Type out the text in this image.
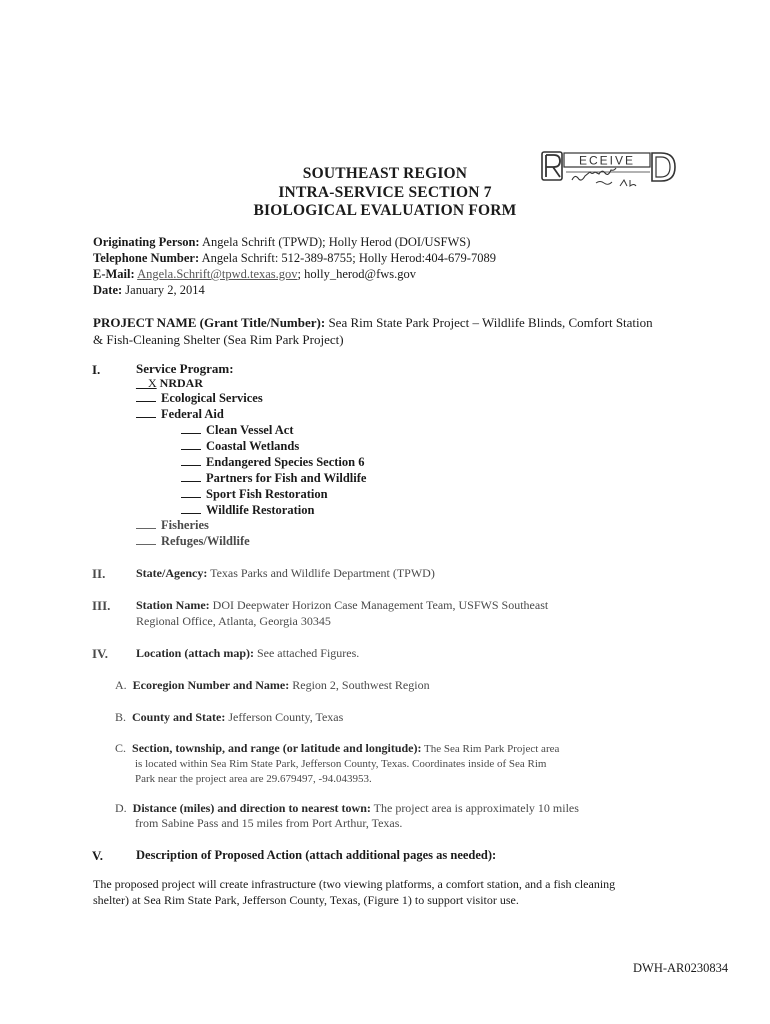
SOUTHEAST REGION
INTRA-SERVICE SECTION 7
BIOLOGICAL EVALUATION FORM
ECEIVE
Originating Person: Angela Schrift (TPWD); Holly Herod (DOI/USFWS)
Telephone Number: Angela Schrift: 512-389-8755; Holly Herod:404-679-7089
E-Mail: Angela.Schrift@tpwd.texas.gov; holly_herod@fws.gov
Date: January 2, 2014
PROJECT NAME (Grant Title/Number): Sea Rim State Park Project – Wildlife Blinds, Comfort Station & Fish-Cleaning Shelter (Sea Rim Park Project)
I.	Service Program:
__X NRDAR
Ecological Services
Federal Aid
Clean Vessel Act
Coastal Wetlands
Endangered Species Section 6
Partners for Fish and Wildlife
Sport Fish Restoration
Wildlife Restoration
Fisheries
Refuges/Wildlife
II.	State/Agency: Texas Parks and Wildlife Department (TPWD)
III. Station Name: DOI Deepwater Horizon Case Management Team, USFWS Southeast
Regional Office, Atlanta, Georgia 30345
IV. Location (attach map): See attached Figures.
A. Ecoregion Number and Name: Region 2, Southwest Region
B. County and State: Jefferson County, Texas
C. Section, township, and range (or latitude and longitude): The Sea Rim Park Project area
is located within Sea Rim State Park, Jefferson County, Texas. Coordinates inside of Sea Rim
Park near the project area are 29.679497, -94.043953.
D. Distance (miles) and direction to nearest town: The project area is approximately 10 miles
from Sabine Pass and 15 miles from Port Arthur, Texas.
V.	Description of Proposed Action (attach additional pages as needed):
The proposed project will create infrastructure (two viewing platforms, a comfort station, and a fish cleaning shelter) at Sea Rim State Park, Jefferson County, Texas, (Figure 1) to support visitor use.
DWH-AR0230834
